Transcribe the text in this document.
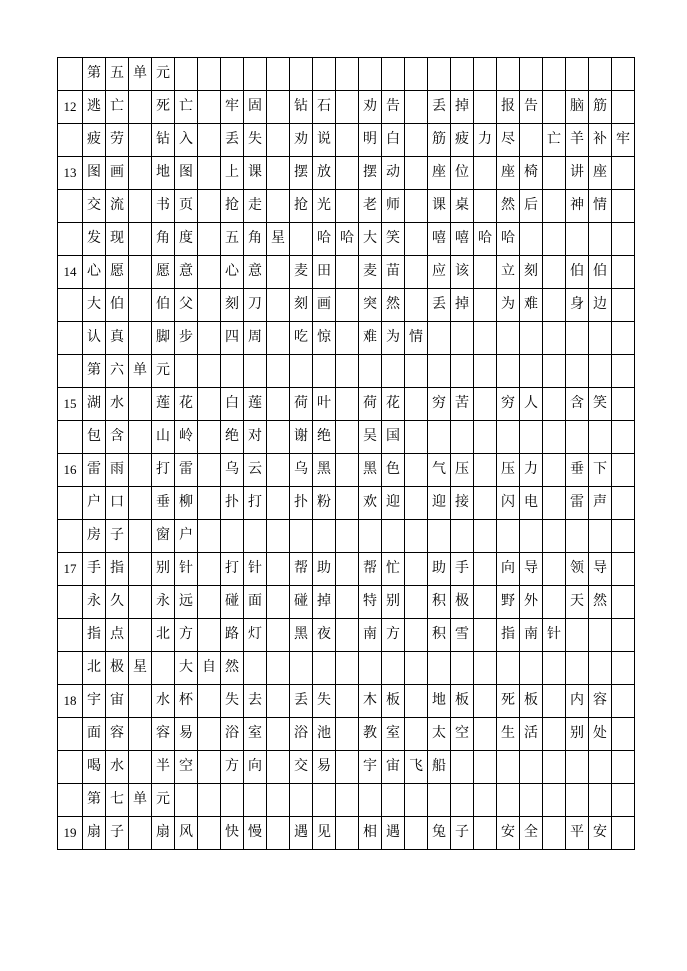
	第	五	单	元																				
12	逃	亡		死	亡		牢	固		钻	石		劝	告		丢	掉		报	告		脑	筋	
	疲	劳		钻	入		丢	失		劝	说		明	白		筋	疲	力	尽		亡	羊	补	牢
13	图	画		地	图		上	课		摆	放		摆	动		座	位		座	椅		讲	座	
	交	流		书	页		抢	走		抢	光		老	师		课	桌		然	后		神	情	
	发	现		角	度		五	角	星		哈	哈	大	笑		嘻	嘻	哈	哈					
14	心	愿		愿	意		心	意		麦	田		麦	苗		应	该		立	刻		伯	伯	
	大	伯		伯	父		刻	刀		刻	画		突	然		丢	掉		为	难		身	边	
	认	真		脚	步		四	周		吃	惊		难	为	情									
	第	六	单	元																				
15	湖	水		莲	花		白	莲		荷	叶		荷	花		穷	苦		穷	人		含	笑	
	包	含		山	岭		绝	对		谢	绝		吴	国										
16	雷	雨		打	雷		乌	云		乌	黑		黑	色		气	压		压	力		垂	下	
	户	口		垂	柳		扑	打		扑	粉		欢	迎		迎	接		闪	电		雷	声	
	房	子		窗	户																			
17	手	指		别	针		打	针		帮	助		帮	忙		助	手		向	导		领	导	
	永	久		永	远		碰	面		碰	掉		特	别		积	极		野	外		天	然	
	指	点		北	方		路	灯		黑	夜		南	方		积	雪		指	南	针			
	北	极	星		大	自	然																	
18	宇	宙		水	杯		失	去		丢	失		木	板		地	板		死	板		内	容	
	面	容		容	易		浴	室		浴	池		教	室		太	空		生	活		别	处	
	喝	水		半	空		方	向		交	易		宇	宙	飞	船								
	第	七	单	元																				
19	扇	子		扇	风		快	慢		遇	见		相	遇		兔	子		安	全		平	安	
